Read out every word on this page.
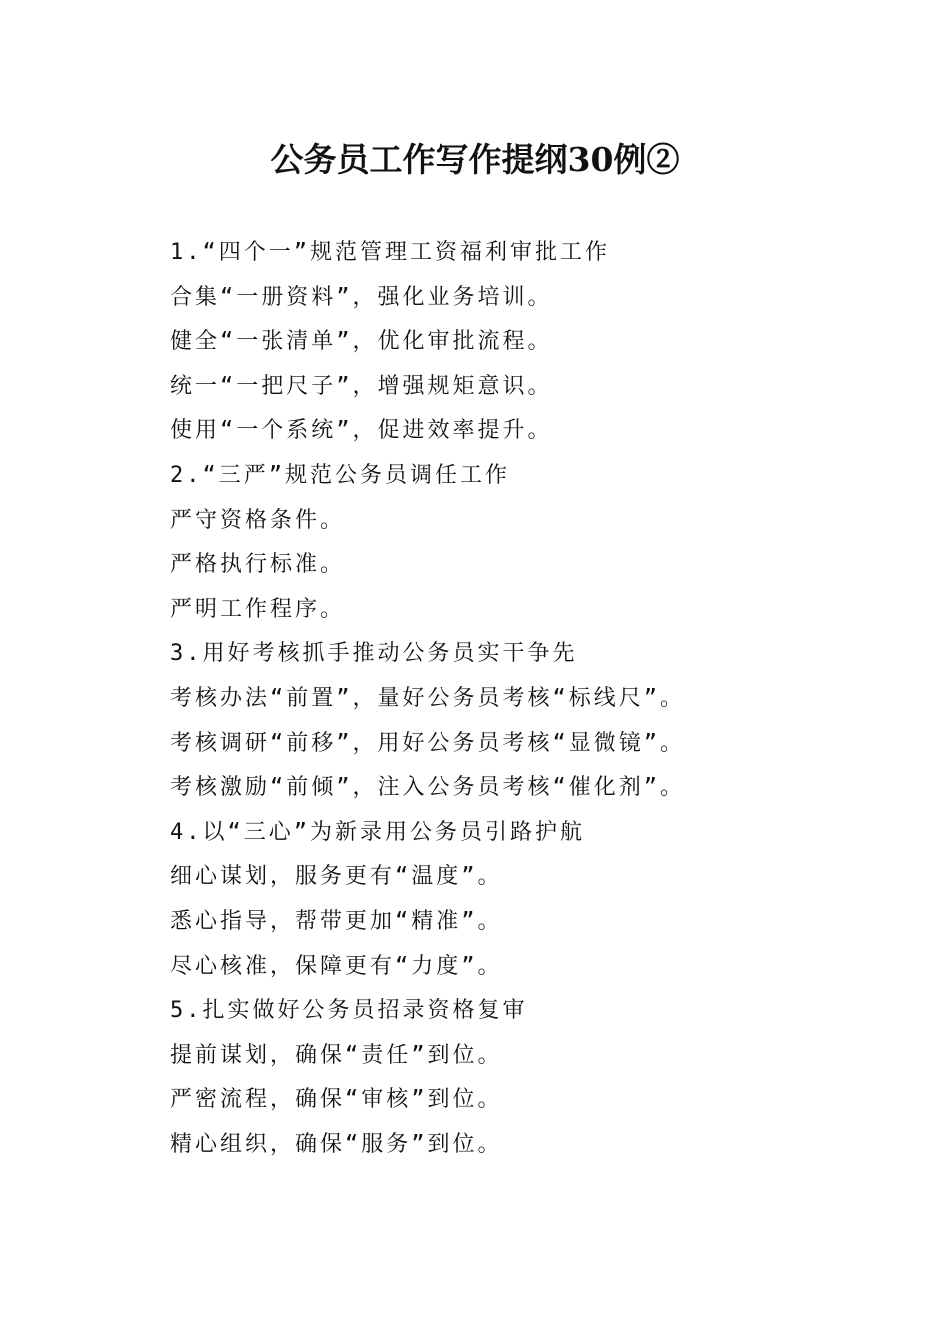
公务员工作写作提纲30例②
1.“四个一”规范管理工资福利审批工作
合集“一册资料”，强化业务培训。
健全“一张清单”，优化审批流程。
统一“一把尺子”，增强规矩意识。
使用“一个系统”，促进效率提升。
2.“三严”规范公务员调任工作
严守资格条件。
严格执行标准。
严明工作程序。
3.用好考核抓手推动公务员实干争先
考核办法“前置”，量好公务员考核“标线尺”。
考核调研“前移”，用好公务员考核“显微镜”。
考核激励“前倾”，注入公务员考核“催化剂”。
4.以“三心”为新录用公务员引路护航
细心谋划，服务更有“温度”。
悉心指导，帮带更加“精准”。
尽心核准，保障更有“力度”。
5.扎实做好公务员招录资格复审
提前谋划，确保“责任”到位。
严密流程，确保“审核”到位。
精心组织，确保“服务”到位。
